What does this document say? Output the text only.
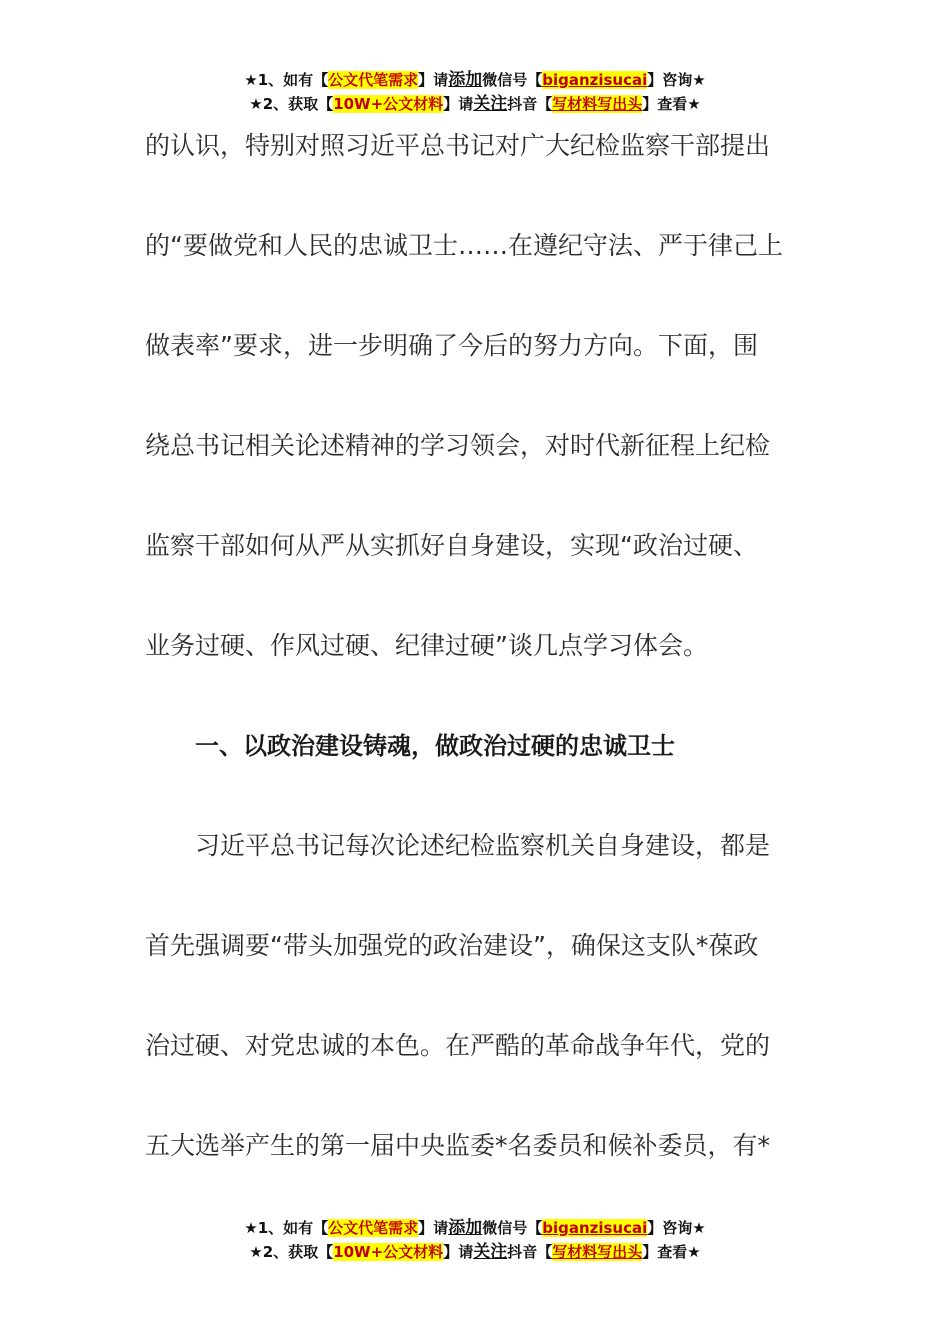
★1、如有【公文代笔需求】请添加微信号【biganzisucai】咨询★
★2、获取【10W+公文材料】请关注抖音【写材料写出头】查看★
的认识，特别对照习近平总书记对广大纪检监察干部提出
的“要做党和人民的忠诚卫士……在遵纪守法、严于律己上
做表率”要求，进一步明确了今后的努力方向。下面，围
绕总书记相关论述精神的学习领会，对时代新征程上纪检
监察干部如何从严从实抓好自身建设，实现“政治过硬、
业务过硬、作风过硬、纪律过硬”谈几点学习体会。
一、以政治建设铸魂，做政治过硬的忠诚卫士
习近平总书记每次论述纪检监察机关自身建设，都是
首先强调要“带头加强党的政治建设”，确保这支队*葆政
治过硬、对党忠诚的本色。在严酷的革命战争年代，党的
五大选举产生的第一届中央监委*名委员和候补委员，有*
★1、如有【公文代笔需求】请添加微信号【biganzisucai】咨询★
★2、获取【10W+公文材料】请关注抖音【写材料写出头】查看★
